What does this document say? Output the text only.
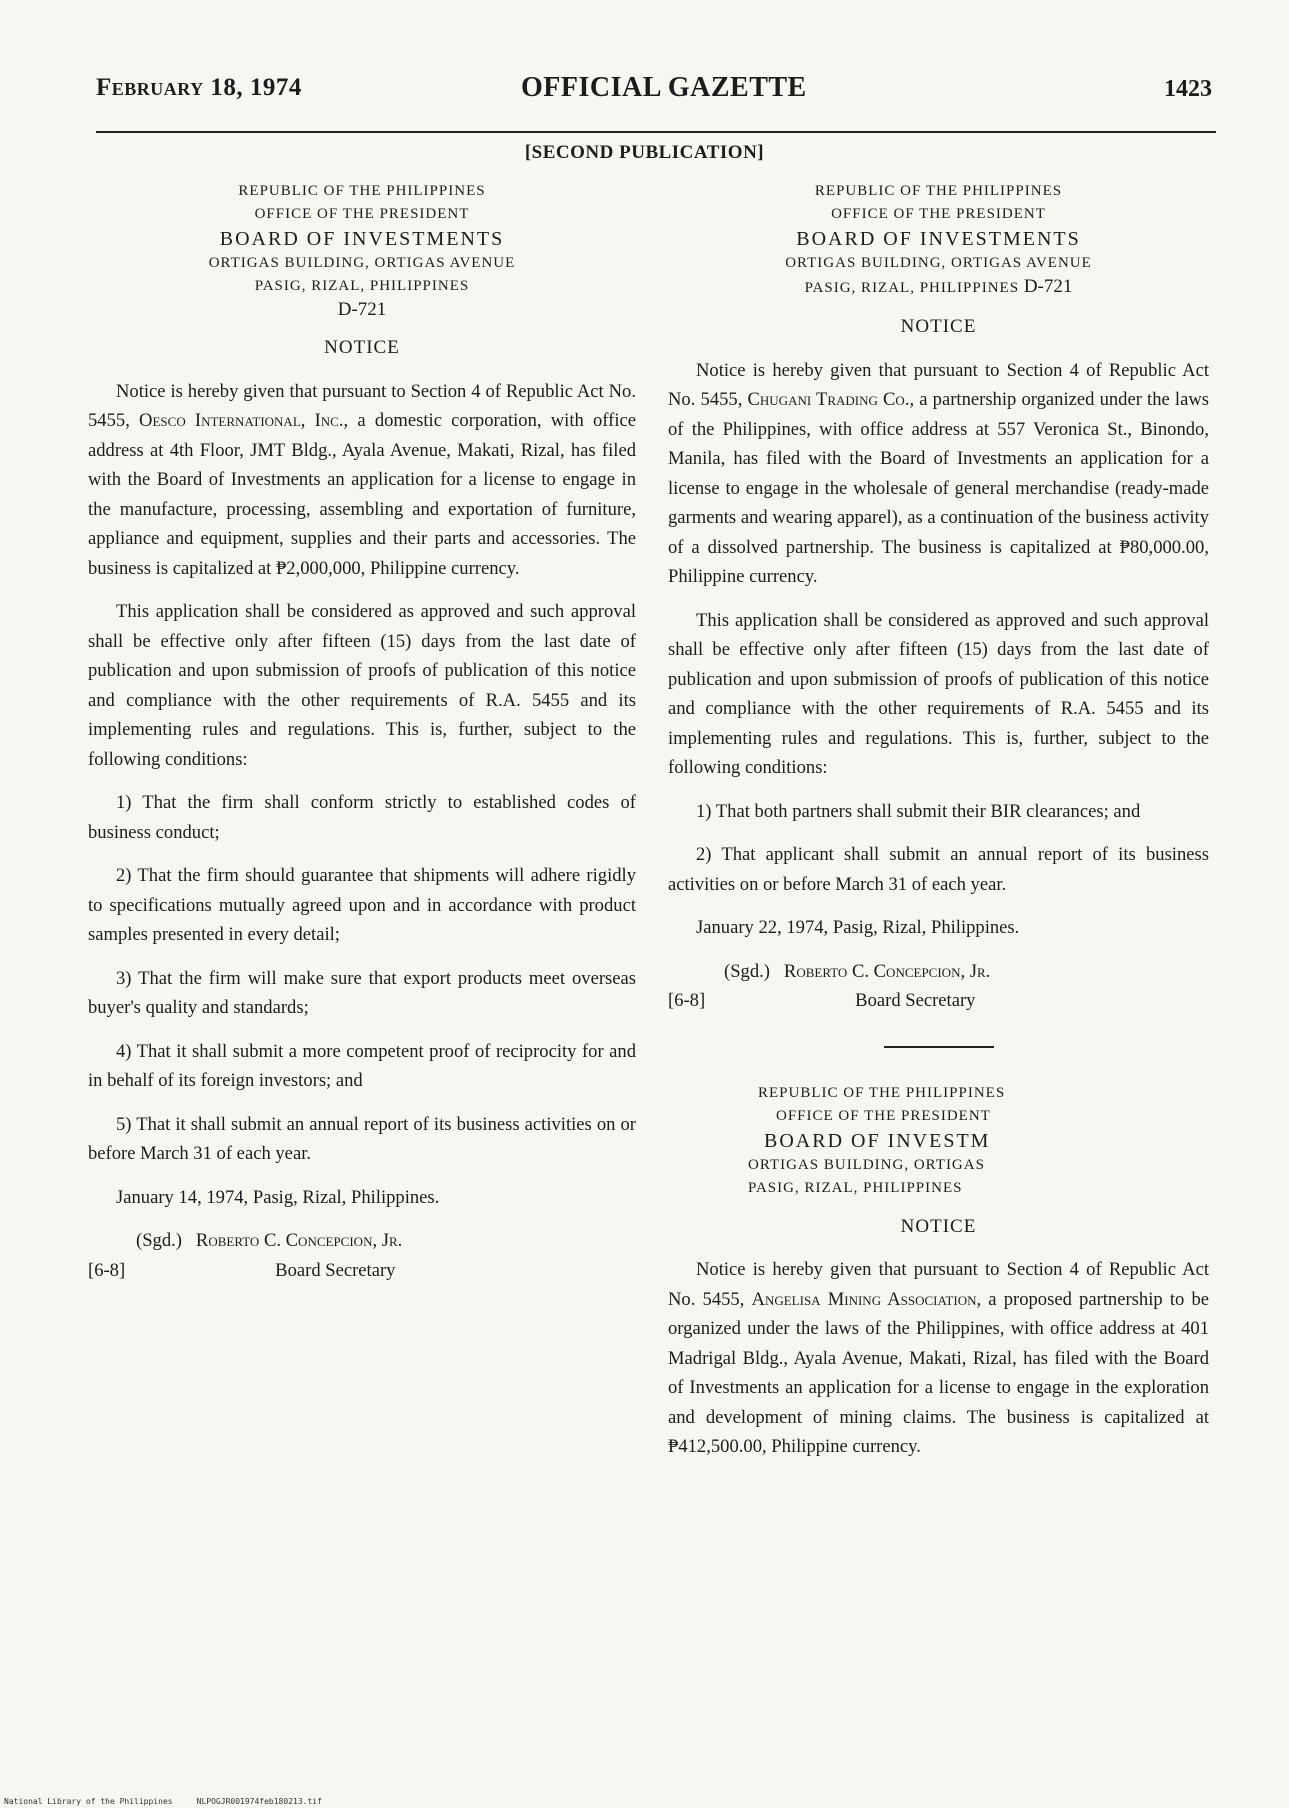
February 18, 1974	OFFICIAL GAZETTE	1423
[SECOND PUBLICATION]
REPUBLIC OF THE PHILIPPINES
OFFICE OF THE PRESIDENT
BOARD OF INVESTMENTS
ORTIGAS BUILDING, ORTIGAS AVENUE
PASIG, RIZAL, PHILIPPINES
D-721
NOTICE

Notice is hereby given that pursuant to Section 4 of Republic Act No. 5455, Oesco International, Inc., a domestic corporation, with office address at 4th Floor, JMT Bldg., Ayala Avenue, Makati, Rizal, has filed with the Board of Investments an application for a license to engage in the manufacture, processing, assembling and exportation of furniture, appliance and equipment, supplies and their parts and accessories. The business is capitalized at ₱2,000,000, Philippine currency.

This application shall be considered as approved and such approval shall be effective only after fifteen (15) days from the last date of publication and upon submission of proofs of publication of this notice and compliance with the other requirements of R.A. 5455 and its implementing rules and regulations. This is, further, subject to the following conditions:

1) That the firm shall conform strictly to established codes of business conduct;

2) That the firm should guarantee that shipments will adhere rigidly to specifications mutually agreed upon and in accordance with product samples presented in every detail;

3) That the firm will make sure that export products meet overseas buyer's quality and standards;

4) That it shall submit a more competent proof of reciprocity for and in behalf of its foreign investors; and

5) That it shall submit an annual report of its business activities on or before March 31 of each year.

January 14, 1974, Pasig, Rizal, Philippines.
(Sgd.) Roberto C. Concepcion, Jr.
[6-8]	Board Secretary
REPUBLIC OF THE PHILIPPINES
OFFICE OF THE PRESIDENT
BOARD OF INVESTMENTS
ORTIGAS BUILDING, ORTIGAS AVENUE
PASIG, RIZAL, PHILIPPINES D-721
NOTICE

Notice is hereby given that pursuant to Section 4 of Republic Act No. 5455, Chugani Trading Co., a partnership organized under the laws of the Philippines, with office address at 557 Veronica St., Binondo, Manila, has filed with the Board of Investments an application for a license to engage in the wholesale of general merchandise (ready-made garments and wearing apparel), as a continuation of the business activity of a dissolved partnership. The business is capitalized at ₱80,000.00, Philippine currency.

This application shall be considered as approved and such approval shall be effective only after fifteen (15) days from the last date of publication and upon submission of proofs of publication of this notice and compliance with the other requirements of R.A. 5455 and its implementing rules and regulations. This is, further, subject to the following conditions:

1) That both partners shall submit their BIR clearances; and

2) That applicant shall submit an annual report of its business activities on or before March 31 of each year.

January 22, 1974, Pasig, Rizal, Philippines.
(Sgd.) Roberto C. Concepcion, Jr.
[6-8]	Board Secretary
REPUBLIC OF THE PHILIPPINES
OFFICE OF THE PRESIDENT
BOARD OF INVESTM
ORTIGAS BUILDING, ORTIGAS
PASIG, RIZAL, PHILIPPINES
NOTICE

Notice is hereby given that pursuant to Section 4 of Republic Act No. 5455, Angelisa Mining Association, a proposed partnership to be organized under the laws of the Philippines, with office address at 401 Madrigal Bldg., Ayala Avenue, Makati, Rizal, has filed with the Board of Investments an application for a license to engage in the exploration and development of mining claims. The business is capitalized at ₱412,500.00, Philippine currency.

National Library of the Philippines	NLPOGJR001974feb180213.tif
